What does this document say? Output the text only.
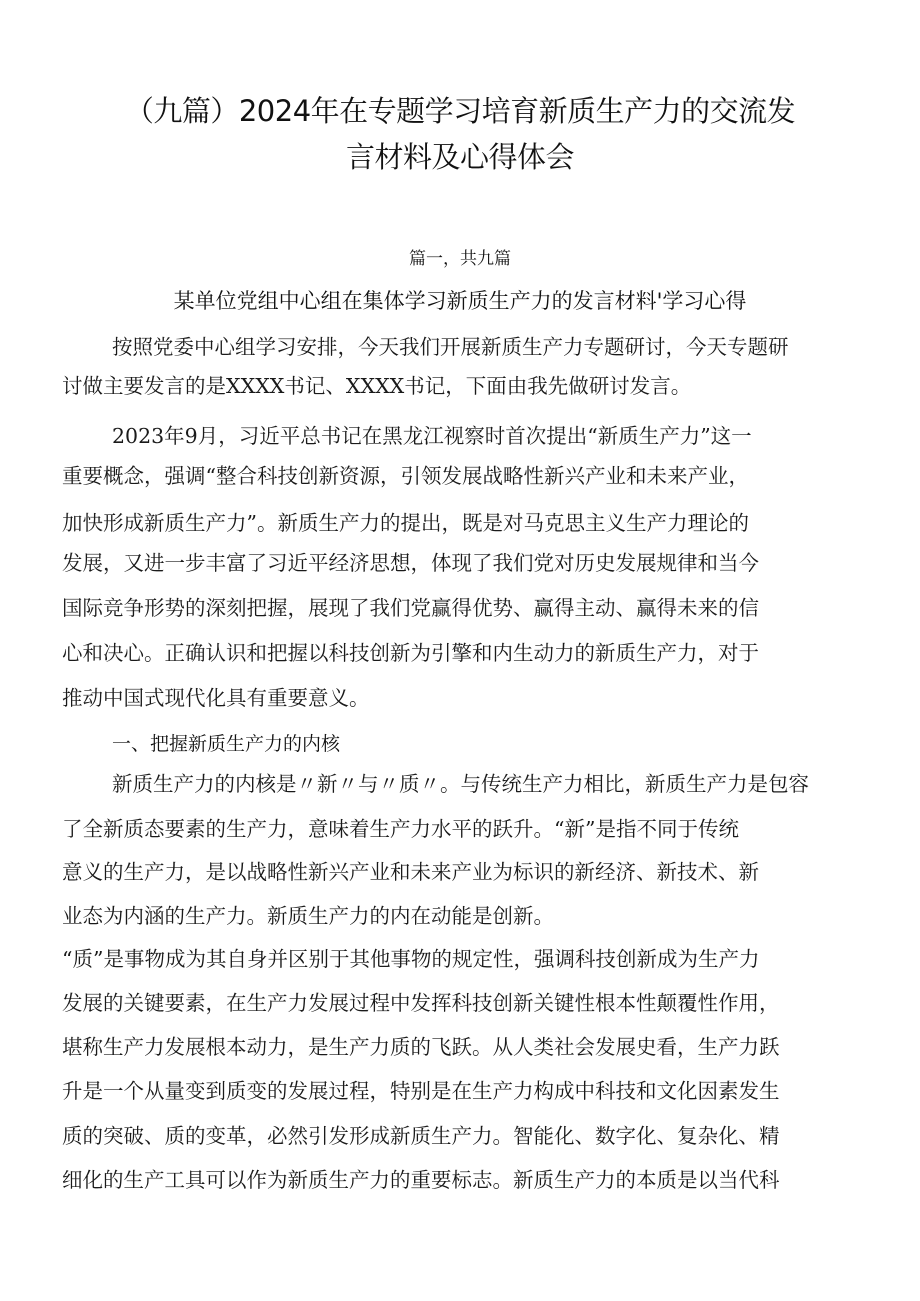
（九篇）2024年在专题学习培育新质生产力的交流发
言材料及心得体会

篇一，共九篇

某单位党组中心组在集体学习新质生产力的发言材料'学习心得

按照党委中心组学习安排，今天我们开展新质生产力专题研讨，今天专题研

讨做主要发言的是XXXX书记、XXXX书记，下面由我先做研讨发言。

2023年9月，习近平总书记在黑龙江视察时首次提出“新质生产力”这一

重要概念，强调“整合科技创新资源，引领发展战略性新兴产业和未来产业，

加快形成新质生产力”。新质生产力的提出，既是对马克思主义生产力理论的

发展，又进一步丰富了习近平经济思想，体现了我们党对历史发展规律和当今

国际竞争形势的深刻把握，展现了我们党赢得优势、赢得主动、赢得未来的信

心和决心。正确认识和把握以科技创新为引擎和内生动力的新质生产力，对于

推动中国式现代化具有重要意义。

一、把握新质生产力的内核

新质生产力的内核是〃新〃与〃质〃。与传统生产力相比，新质生产力是包容

了全新质态要素的生产力，意味着生产力水平的跃升。“新”是指不同于传统

意义的生产力，是以战略性新兴产业和未来产业为标识的新经济、新技术、新

业态为内涵的生产力。新质生产力的内在动能是创新。

“质”是事物成为其自身并区别于其他事物的规定性，强调科技创新成为生产力

发展的关键要素，在生产力发展过程中发挥科技创新关键性根本性颠覆性作用，

堪称生产力发展根本动力，是生产力质的飞跃。从人类社会发展史看，生产力跃

升是一个从量变到质变的发展过程，特别是在生产力构成中科技和文化因素发生

质的突破、质的变革，必然引发形成新质生产力。智能化、数字化、复杂化、精

细化的生产工具可以作为新质生产力的重要标志。新质生产力的本质是以当代科
